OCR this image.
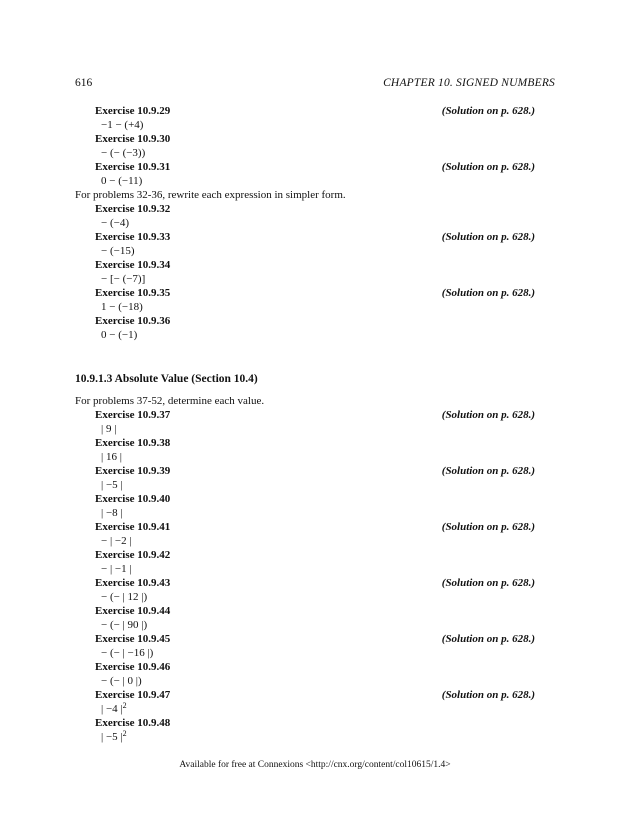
616	CHAPTER 10. SIGNED NUMBERS
Exercise 10.9.29	(Solution on p. 628.)
−1 − (+4)
Exercise 10.9.30
− (− (−3))
Exercise 10.9.31	(Solution on p. 628.)
0 − (−11)
For problems 32-36, rewrite each expression in simpler form.
Exercise 10.9.32
− (−4)
Exercise 10.9.33	(Solution on p. 628.)
− (−15)
Exercise 10.9.34
− [− (−7)]
Exercise 10.9.35	(Solution on p. 628.)
1 − (−18)
Exercise 10.9.36
0 − (−1)
10.9.1.3 Absolute Value (Section 10.4)
For problems 37-52, determine each value.
Exercise 10.9.37	(Solution on p. 628.)
| 9 |
Exercise 10.9.38
| 16 |
Exercise 10.9.39	(Solution on p. 628.)
| −5 |
Exercise 10.9.40
| −8 |
Exercise 10.9.41	(Solution on p. 628.)
− | −2 |
Exercise 10.9.42
− | −1 |
Exercise 10.9.43	(Solution on p. 628.)
− (− | 12 |)
Exercise 10.9.44
− (− | 90 |)
Exercise 10.9.45	(Solution on p. 628.)
− (− | −16 |)
Exercise 10.9.46
− (− | 0 |)
Exercise 10.9.47	(Solution on p. 628.)
| −4 $|^2$
Exercise 10.9.48
| −5 $|^2$
Available for free at Connexions <http://cnx.org/content/col10615/1.4>
